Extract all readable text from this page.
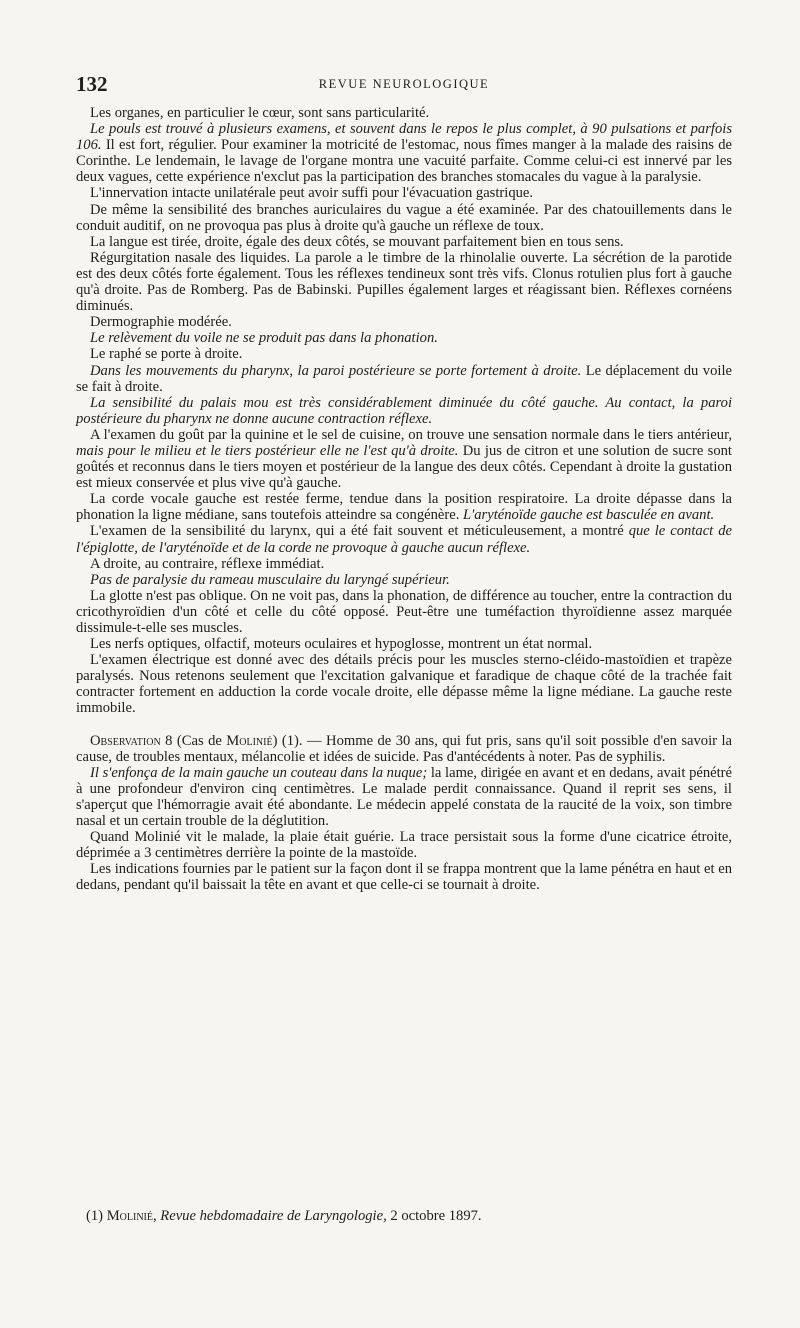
132	REVUE NEUROLOGIQUE

Les organes, en particulier le cœur, sont sans particularité.

Le pouls est trouvé à plusieurs examens, et souvent dans le repos le plus complet, à 90 pulsations et parfois 106. Il est fort, régulier. Pour examiner la motricité de l'estomac, nous fîmes manger à la malade des raisins de Corinthe. Le lendemain, le lavage de l'organe montra une vacuité parfaite. Comme celui-ci est innervé par les deux vagues, cette expérience n'exclut pas la participation des branches stomacales du vague à la paralysie.

L'innervation intacte unilatérale peut avoir suffi pour l'évacuation gastrique.

De même la sensibilité des branches auriculaires du vague a été examinée. Par des chatouillements dans le conduit auditif, on ne provoqua pas plus à droite qu'à gauche un réflexe de toux.

La langue est tirée, droite, égale des deux côtés, se mouvant parfaitement bien en tous sens.

Régurgitation nasale des liquides. La parole a le timbre de la rhinolalie ouverte. La sécrétion de la parotide est des deux côtés forte également. Tous les réflexes tendineux sont très vifs. Clonus rotulien plus fort à gauche qu'à droite. Pas de Romberg. Pas de Babinski. Pupilles également larges et réagissant bien. Réflexes cornéens diminués.

Dermographie modérée.

Le relèvement du voile ne se produit pas dans la phonation.

Le raphé se porte à droite.

Dans les mouvements du pharynx, la paroi postérieure se porte fortement à droite. Le déplacement du voile se fait à droite.

La sensibilité du palais mou est très considérablement diminuée du côté gauche. Au contact, la paroi postérieure du pharynx ne donne aucune contraction réflexe.

A l'examen du goût par la quinine et le sel de cuisine, on trouve une sensation normale dans le tiers antérieur, mais pour le milieu et le tiers postérieur elle ne l'est qu'à droite. Du jus de citron et une solution de sucre sont goûtés et reconnus dans le tiers moyen et postérieur de la langue des deux côtés. Cependant à droite la gustation est mieux conservée et plus vive qu'à gauche.

La corde vocale gauche est restée ferme, tendue dans la position respiratoire. La droite dépasse dans la phonation la ligne médiane, sans toutefois atteindre sa congénère. L'aryténoïde gauche est basculée en avant.

L'examen de la sensibilité du larynx, qui a été fait souvent et méticuleusement, a montré que le contact de l'épiglotte, de l'aryténoïde et de la corde ne provoque à gauche aucun réflexe.

A droite, au contraire, réflexe immédiat.

Pas de paralysie du rameau musculaire du laryngé supérieur.

La glotte n'est pas oblique. On ne voit pas, dans la phonation, de différence au toucher, entre la contraction du cricothyroïdien d'un côté et celle du côté opposé. Peut-être une tuméfaction thyroïdienne assez marquée dissimule-t-elle ses muscles.

Les nerfs optiques, olfactif, moteurs oculaires et hypoglosse, montrent un état normal.

L'examen électrique est donné avec des détails précis pour les muscles sterno-cléido-mastoïdien et trapèze paralysés. Nous retenons seulement que l'excitation galvanique et faradique de chaque côté de la trachée fait contracter fortement en adduction la corde vocale droite, elle dépasse même la ligne médiane. La gauche reste immobile.

Observation 8 (Cas de Molinié) (1). — Homme de 30 ans, qui fut pris, sans qu'il soit possible d'en savoir la cause, de troubles mentaux, mélancolie et idées de suicide. Pas d'antécédents à noter. Pas de syphilis.

Il s'enfonça de la main gauche un couteau dans la nuque; la lame, dirigée en avant et en dedans, avait pénétré à une profondeur d'environ cinq centimètres. Le malade perdit connaissance. Quand il reprit ses sens, il s'aperçut que l'hémorragie avait été abondante. Le médecin appelé constata de la raucité de la voix, son timbre nasal et un certain trouble de la déglutition.

Quand Molinié vit le malade, la plaie était guérie. La trace persistait sous la forme d'une cicatrice étroite, déprimée a 3 centimètres derrière la pointe de la mastoïde.

Les indications fournies par le patient sur la façon dont il se frappa montrent que la lame pénétra en haut et en dedans, pendant qu'il baissait la tête en avant et que celle-ci se tournait à droite.

(1) Molinié, Revue hebdomadaire de Laryngologie, 2 octobre 1897.
